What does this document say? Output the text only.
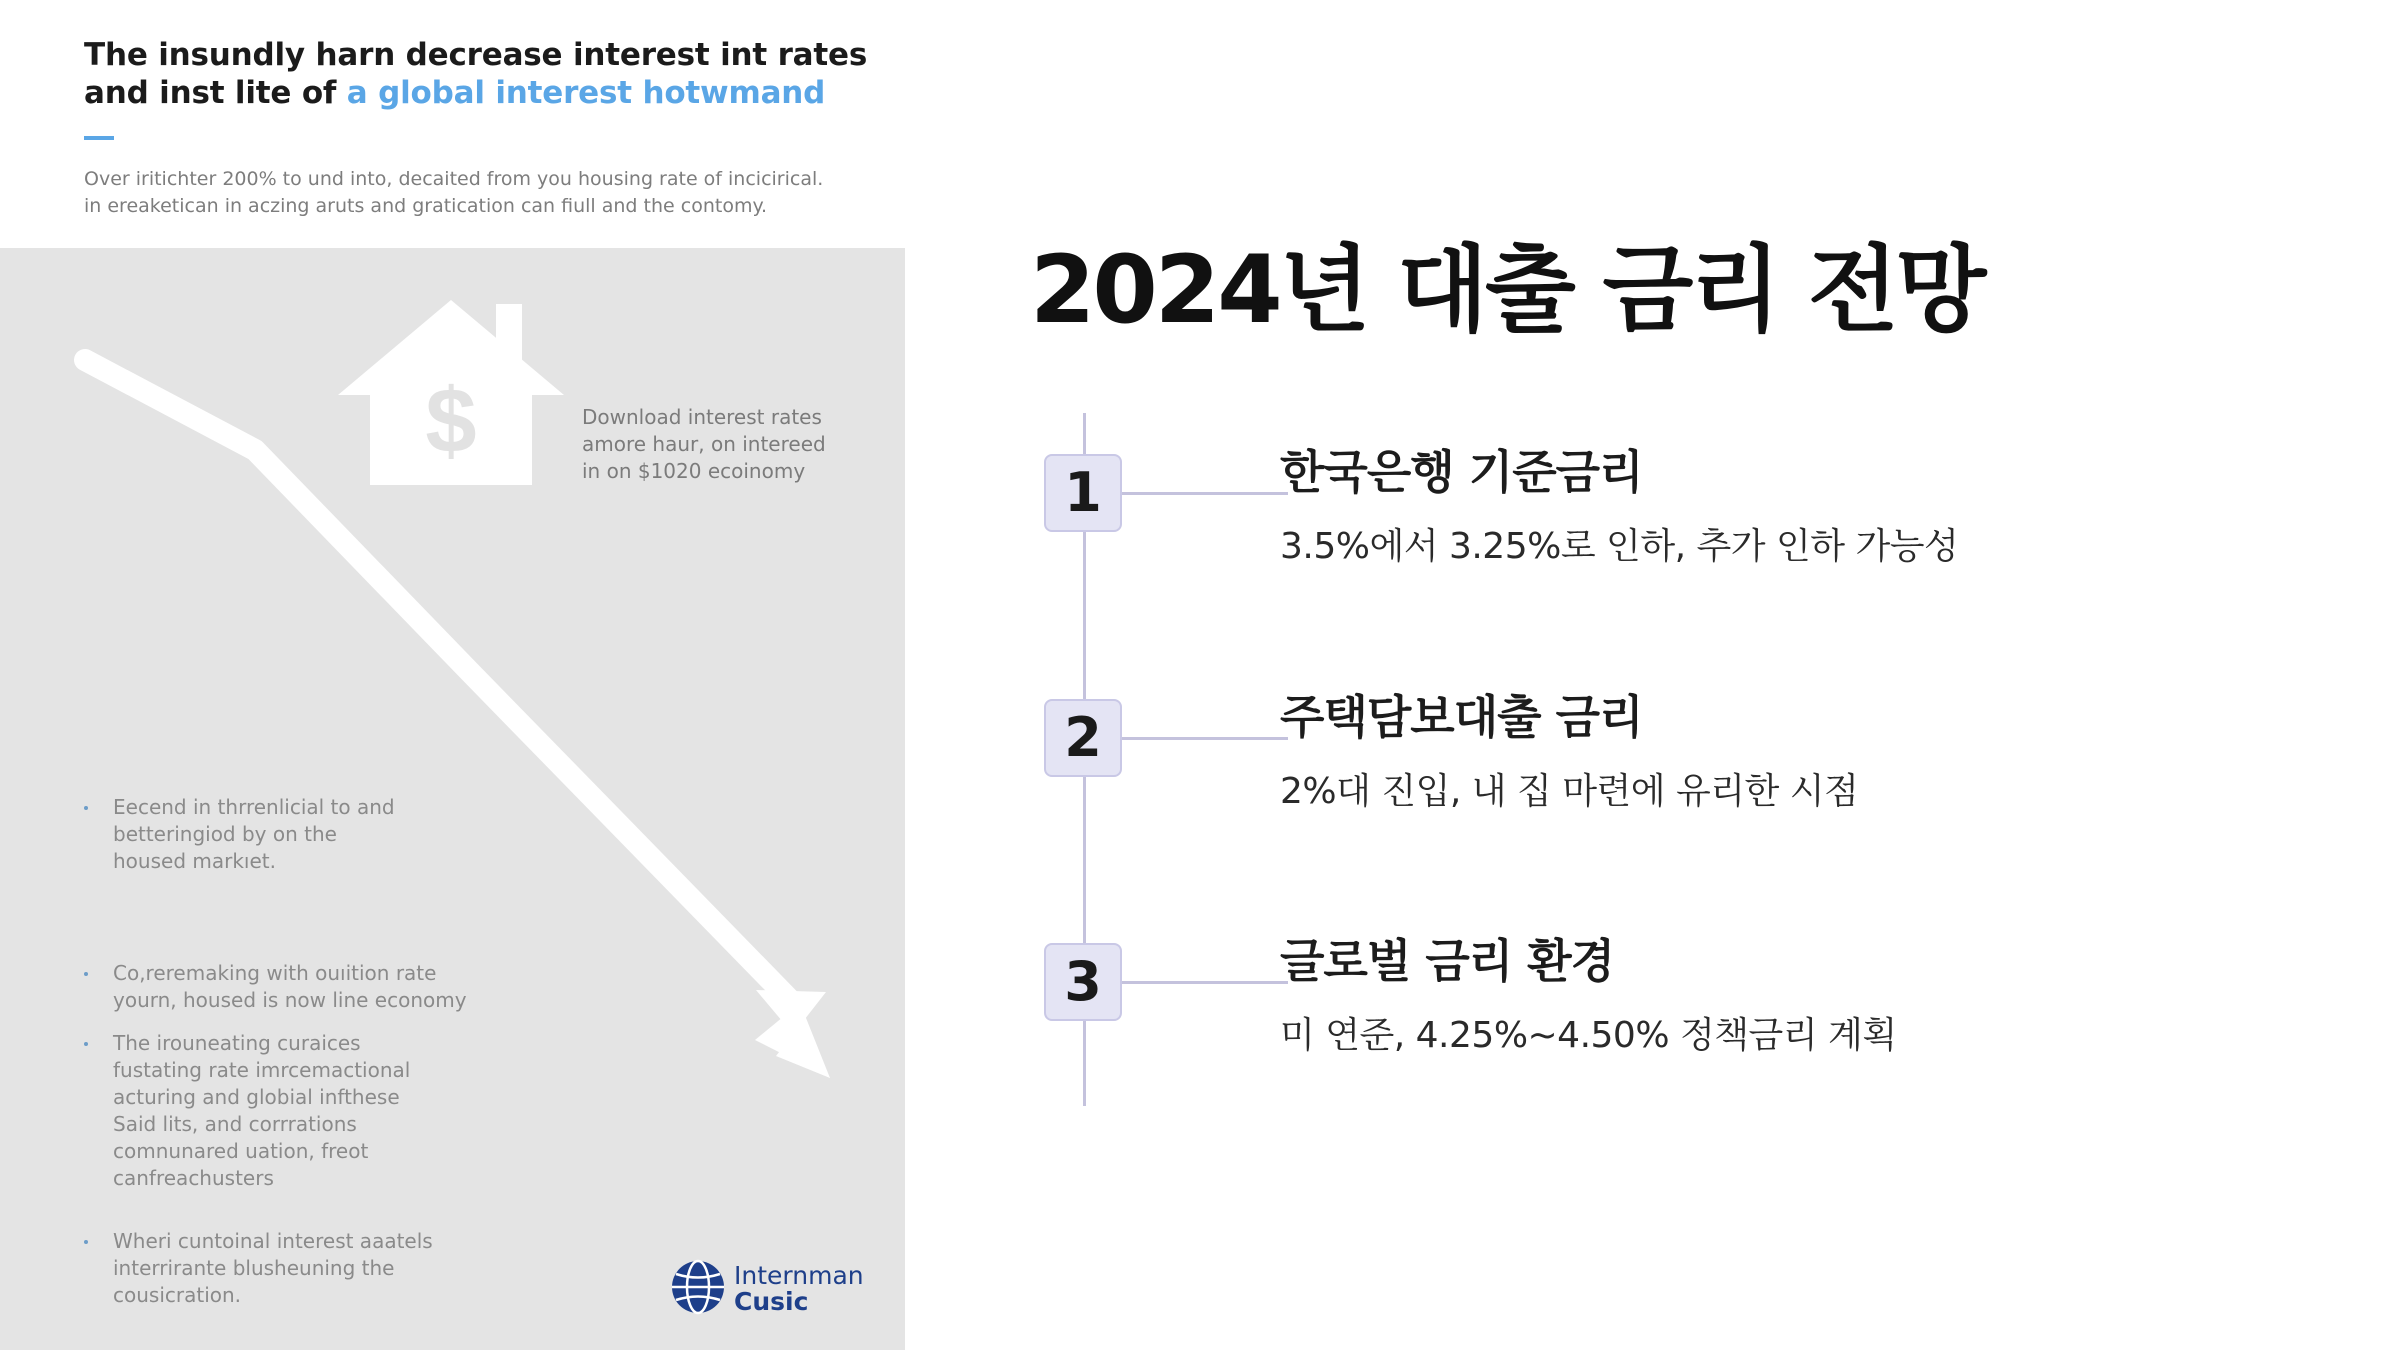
The insundly harn decrease interest int rates
and inst lite of a global interest hotwmand
Over iritichter 200% to und into, decaited from you housing rate of incicirical.
in ereaketican in aczing aruts and gratication can fiull and the contomy.
$	Download interest rates
amore haur, on intereed
in on $1020 ecoinomy
Eecend in thrrenlicial to and
betteringiod by on the
housed markıet.
Co,reremaking with ouıition rate
yourn, housed is now line economy
The irouneating curaices
fustating rate imrcemactional
acturing and globial infthese
Said lits, and corrrations
comnunared uation, freot
canfreachusters
Wheri cuntoinal interest aaatels
interrirante blusheuning the
cousicration.
Internman
Cusic
2024년 대출 금리 전망
1	한국은행 기준금리
3.5%에서 3.25%로 인하, 추가 인하 가능성
2	주택담보대출 금리
2%대 진입, 내 집 마련에 유리한 시점
3	글로벌 금리 환경
미 연준, 4.25%~4.50% 정책금리 계획
